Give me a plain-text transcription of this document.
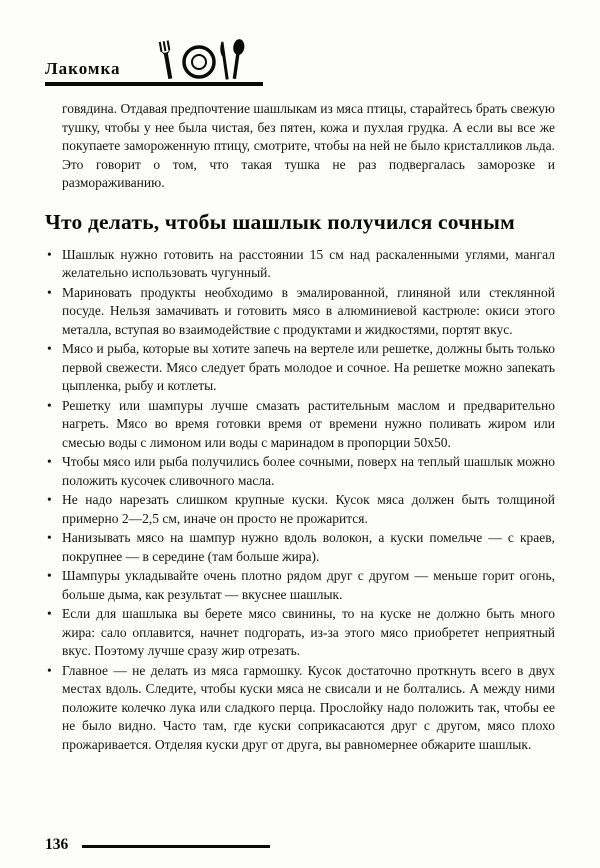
Лакомка

говядина. Отдавая предпочтение шашлыкам из мяса птицы, старайтесь брать свежую тушку, чтобы у нее была чистая, без пятен, кожа и пухлая грудка. А если вы все же покупаете замороженную птицу, смотрите, чтобы на ней не было кристалликов льда. Это говорит о том, что такая тушка не раз подвергалась заморозке и размораживанию.

Что делать, чтобы шашлык получился сочным
• Шашлык нужно готовить на расстоянии 15 см над раскаленными углями, мангал желательно использовать чугунный.
• Мариновать продукты необходимо в эмалированной, глиняной или стеклянной посуде. Нельзя замачивать и готовить мясо в алюминиевой кастрюле: окиси этого металла, вступая во взаимодействие с продуктами и жидкостями, портят вкус.
• Мясо и рыба, которые вы хотите запечь на вертеле или решетке, должны быть только первой свежести. Мясо следует брать молодое и сочное. На решетке можно запекать цыпленка, рыбу и котлеты.
• Решетку или шампуры лучше смазать растительным маслом и предварительно нагреть. Мясо во время готовки время от времени нужно поливать жиром или смесью воды с лимоном или воды с маринадом в пропорции 50х50.
• Чтобы мясо или рыба получились более сочными, поверх на теплый шашлык можно положить кусочек сливочного масла.
• Не надо нарезать слишком крупные куски. Кусок мяса должен быть толщиной примерно 2—2,5 см, иначе он просто не прожарится.
• Нанизывать мясо на шампур нужно вдоль волокон, а куски помельче — с краев, покрупнее — в середине (там больше жира).
• Шампуры укладывайте очень плотно рядом друг с другом — меньше горит огонь, больше дыма, как результат — вкуснее шашлык.
• Если для шашлыка вы берете мясо свинины, то на куске не должно быть много жира: сало оплавится, начнет подгорать, из-за этого мясо приобретет неприятный вкус. Поэтому лучше сразу жир отрезать.
• Главное — не делать из мяса гармошку. Кусок достаточно проткнуть всего в двух местах вдоль. Следите, чтобы куски мяса не свисали и не болтались. А между ними положите колечко лука или сладкого перца. Прослойку надо положить так, чтобы ее не было видно. Часто там, где куски соприкасаются друг с другом, мясо плохо прожаривается. Отделяя куски друг от друга, вы равномернее обжарите шашлык.
136
